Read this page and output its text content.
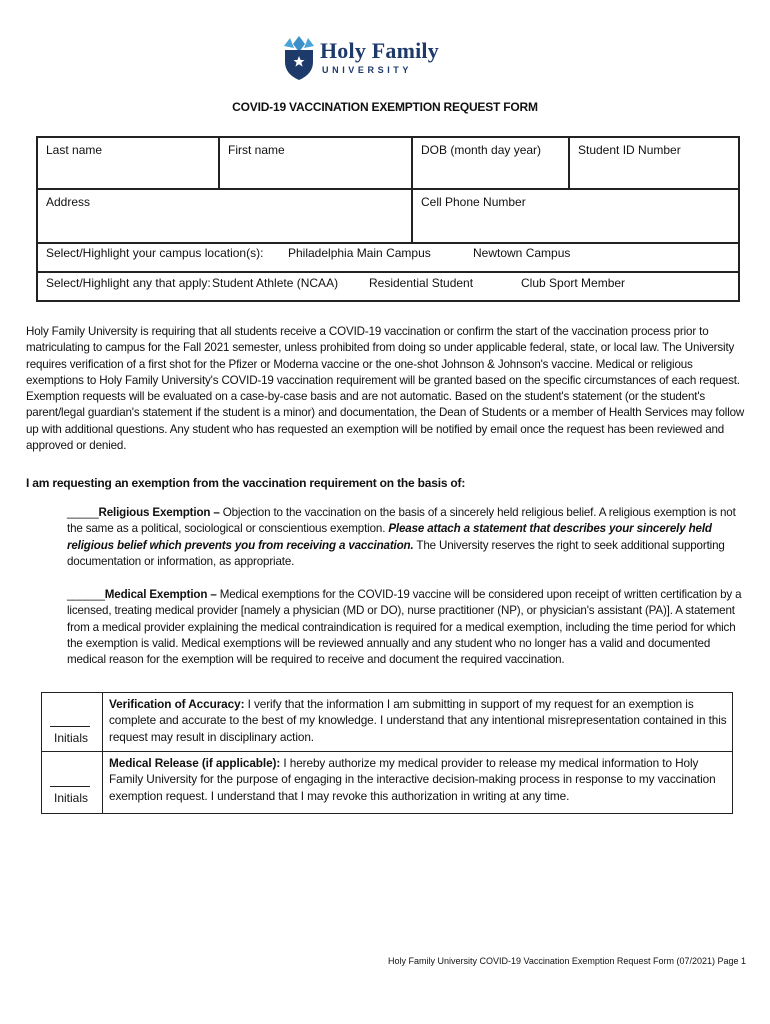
Holy Family
UNIVERSITY
COVID-19 VACCINATION EXEMPTION REQUEST FORM
Last name	First name	DOB (month day year)	Student ID Number
Address	Cell Phone Number
Select/Highlight your campus location(s): Philadelphia Main Campus	Newtown Campus
Select/Highlight any that apply: Student Athlete (NCAA)	Residential Student	Club Sport Member
Holy Family University is requiring that all students receive a COVID-19 vaccination or confirm the start of the vaccination process prior to matriculating to campus for the Fall 2021 semester, unless prohibited from doing so under applicable federal, state, or local law. The University requires verification of a first shot for the Pfizer or Moderna vaccine or the one-shot Johnson & Johnson's vaccine. Medical or religious exemptions to Holy Family University's COVID-19 vaccination requirement will be granted based on the specific circumstances of each request. Exemption requests will be evaluated on a case-by-case basis and are not automatic. Based on the student's statement (or the student's parent/legal guardian's statement if the student is a minor) and documentation, the Dean of Students or a member of Health Services may follow up with additional questions. Any student who has requested an exemption will be notified by email once the request has been reviewed and approved or denied.
I am requesting an exemption from the vaccination requirement on the basis of:
_____Religious Exemption – Objection to the vaccination on the basis of a sincerely held religious belief. A religious exemption is not the same as a political, sociological or conscientious exemption. Please attach a statement that describes your sincerely held religious belief which prevents you from receiving a vaccination. The University reserves the right to seek additional supporting documentation or information, as appropriate.
______Medical Exemption – Medical exemptions for the COVID-19 vaccine will be considered upon receipt of written certification by a licensed, treating medical provider [namely a physician (MD or DO), nurse practitioner (NP), or physician's assistant (PA)]. A statement from a medical provider explaining the medical contraindication is required for a medical exemption, including the time period for which the exemption is valid. Medical exemptions will be reviewed annually and any student who no longer has a valid and documented medical reason for the exemption will be required to receive and document the required vaccination.
Initials
Verification of Accuracy: I verify that the information I am submitting in support of my request for an exemption is complete and accurate to the best of my knowledge. I understand that any intentional misrepresentation contained in this request may result in disciplinary action.
Initials
Medical Release (if applicable): I hereby authorize my medical provider to release my medical information to Holy Family University for the purpose of engaging in the interactive decision-making process in response to my vaccination exemption request. I understand that I may revoke this authorization in writing at any time.
Holy Family University COVID-19 Vaccination Exemption Request Form (07/2021) Page 1
